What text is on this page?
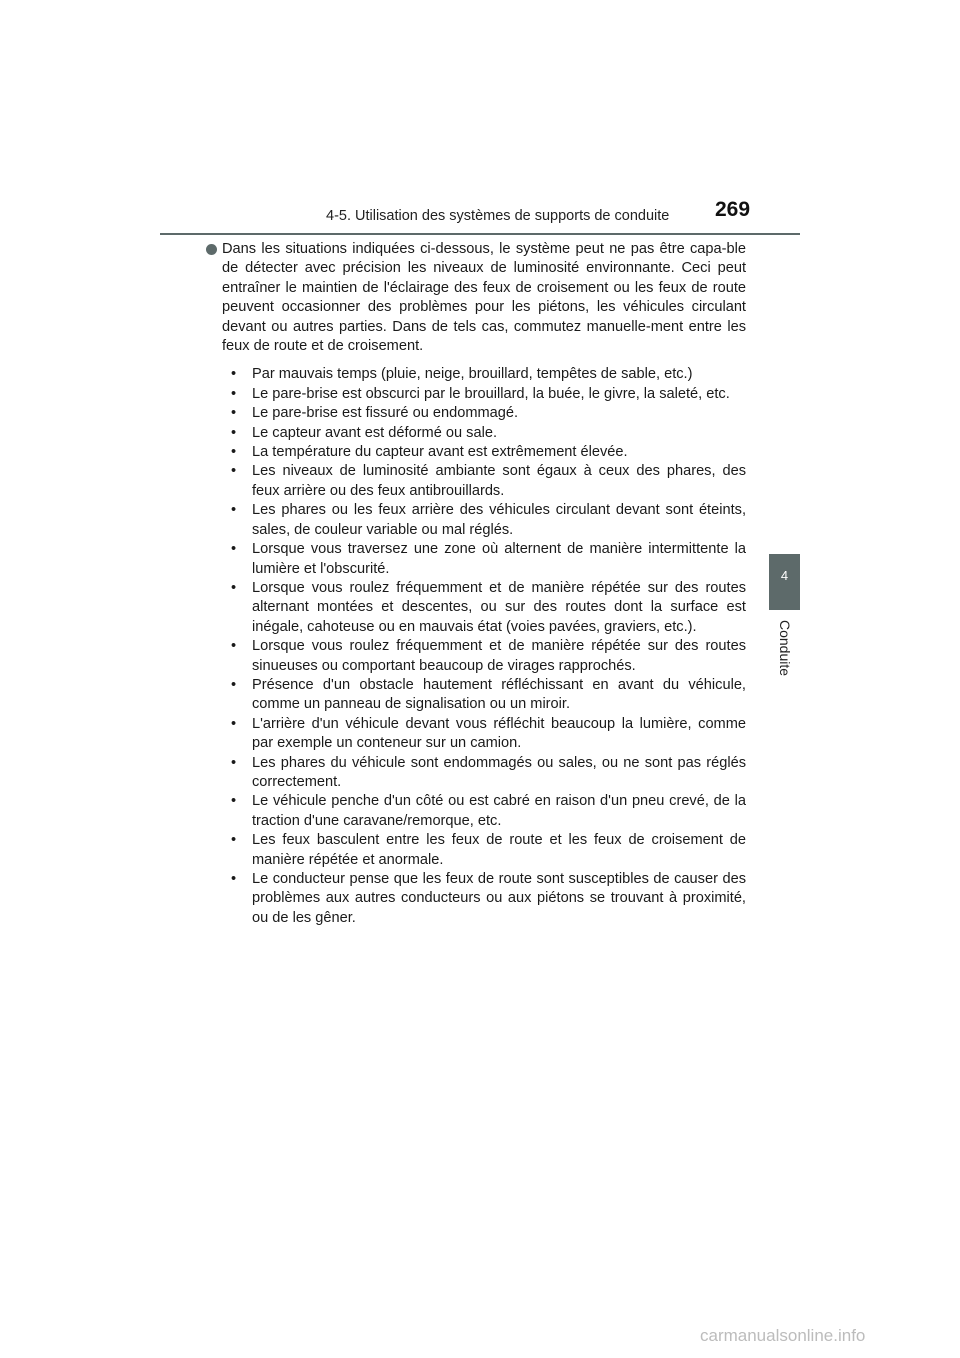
4-5. Utilisation des systèmes de supports de conduite 269
4
Conduite

Dans les situations indiquées ci-dessous, le système peut ne pas être capa-ble de détecter avec précision les niveaux de luminosité environnante. Ceci peut entraîner le maintien de l'éclairage des feux de croisement ou les feux de route peuvent occasionner des problèmes pour les piétons, les véhicules circulant devant ou autres parties. Dans de tels cas, commutez manuelle-ment entre les feux de route et de croisement.

• Par mauvais temps (pluie, neige, brouillard, tempêtes de sable, etc.)
• Le pare-brise est obscurci par le brouillard, la buée, le givre, la saleté, etc.
• Le pare-brise est fissuré ou endommagé.
• Le capteur avant est déformé ou sale.
• La température du capteur avant est extrêmement élevée.
• Les niveaux de luminosité ambiante sont égaux à ceux des phares, des feux arrière ou des feux antibrouillards.
• Les phares ou les feux arrière des véhicules circulant devant sont éteints, sales, de couleur variable ou mal réglés.
• Lorsque vous traversez une zone où alternent de manière intermittente la lumière et l'obscurité.
• Lorsque vous roulez fréquemment et de manière répétée sur des routes alternant montées et descentes, ou sur des routes dont la surface est inégale, cahoteuse ou en mauvais état (voies pavées, graviers, etc.).
• Lorsque vous roulez fréquemment et de manière répétée sur des routes sinueuses ou comportant beaucoup de virages rapprochés.
• Présence d'un obstacle hautement réfléchissant en avant du véhicule, comme un panneau de signalisation ou un miroir.
• L'arrière d'un véhicule devant vous réfléchit beaucoup la lumière, comme par exemple un conteneur sur un camion.
• Les phares du véhicule sont endommagés ou sales, ou ne sont pas réglés correctement.
• Le véhicule penche d'un côté ou est cabré en raison d'un pneu crevé, de la traction d'une caravane/remorque, etc.
• Les feux basculent entre les feux de route et les feux de croisement de manière répétée et anormale.
• Le conducteur pense que les feux de route sont susceptibles de causer des problèmes aux autres conducteurs ou aux piétons se trouvant à proximité, ou de les gêner.
carmanualsonline.info
